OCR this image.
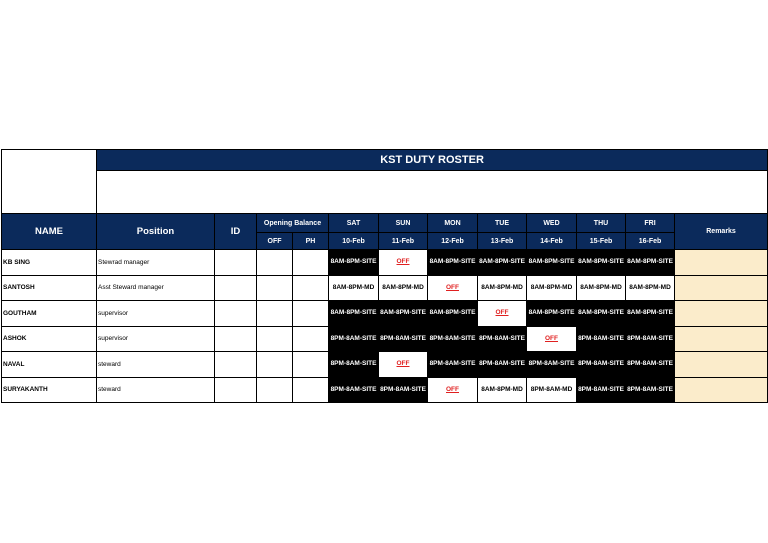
	KST DUTY ROSTER											

NAME	Position	ID	Opening Balance		SAT	SUN	MON	TUE	WED	THU	FRI	Remarks
			OFF	PH	10-Feb	11-Feb	12-Feb	13-Feb	14-Feb	15-Feb	16-Feb	
KB SING	Stewrad manager				8AM-8PM-SITE	OFF	8AM-8PM-SITE	8AM-8PM-SITE	8AM-8PM-SITE	8AM-8PM-SITE	8AM-8PM-SITE	
SANTOSH	Asst Steward manager				8AM-8PM-MD	8AM-8PM-MD	OFF	8AM-8PM-MD	8AM-8PM-MD	8AM-8PM-MD	8AM-8PM-MD	
GOUTHAM	supervisor				8AM-8PM-SITE	8AM-8PM-SITE	8AM-8PM-SITE	OFF	8AM-8PM-SITE	8AM-8PM-SITE	8AM-8PM-SITE	
ASHOK	supervisor				8PM-8AM-SITE	8PM-8AM-SITE	8PM-8AM-SITE	8PM-8AM-SITE	OFF	8PM-8AM-SITE	8PM-8AM-SITE	
NAVAL	steward				8PM-8AM-SITE	OFF	8PM-8AM-SITE	8PM-8AM-SITE	8PM-8AM-SITE	8PM-8AM-SITE	8PM-8AM-SITE	
SURYAKANTH	steward				8PM-8AM-SITE	8PM-8AM-SITE	OFF	8AM-8PM-MD	8PM-8AM-MD	8PM-8AM-SITE	8PM-8AM-SITE	
